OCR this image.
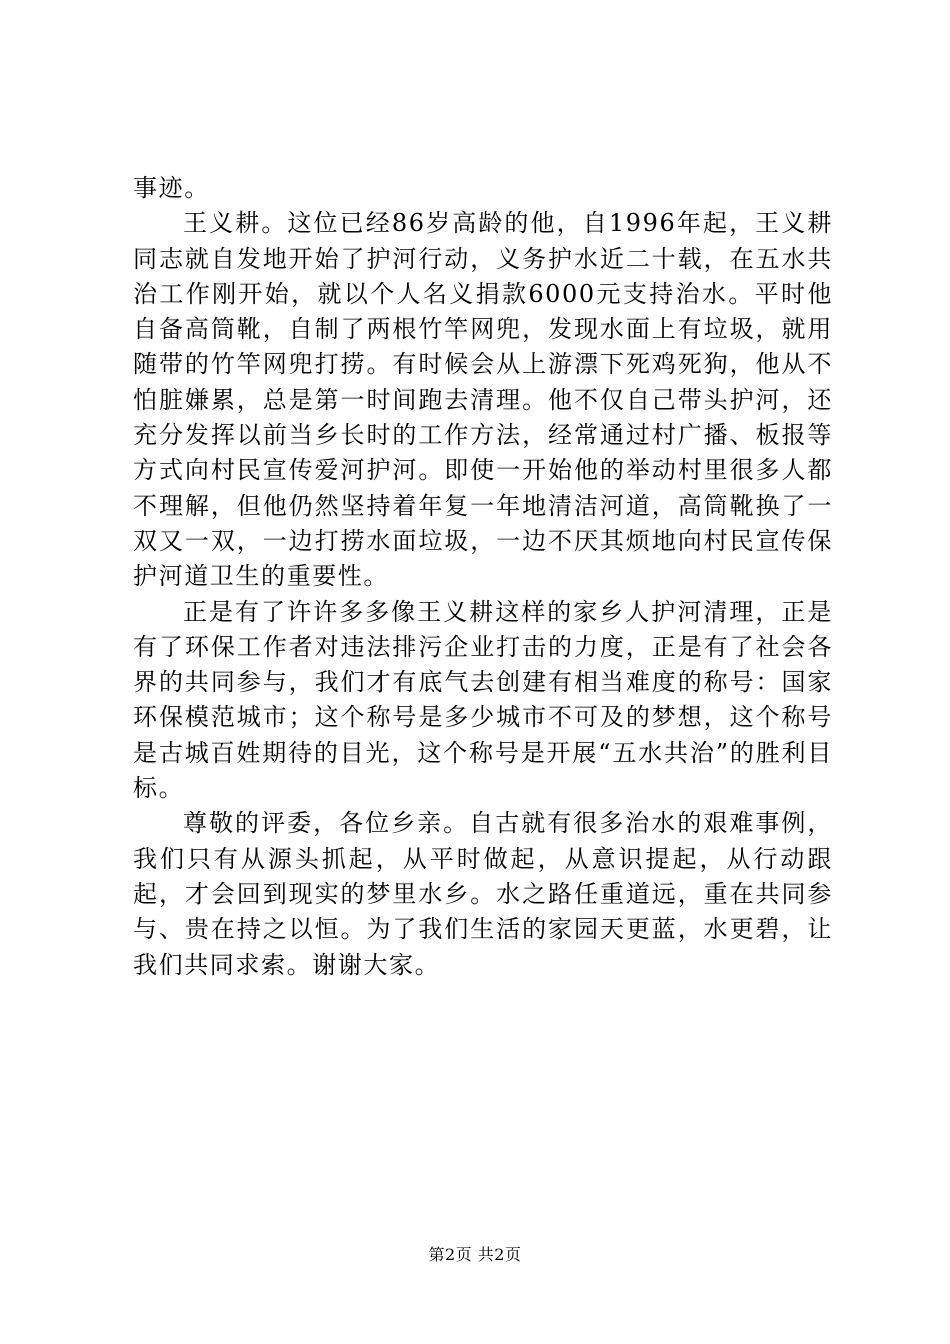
事迹。

王义耕。这位已经86岁高龄的他，自1996年起，王义耕同志就自发地开始了护河行动，义务护水近二十载，在五水共治工作刚开始，就以个人名义捐款6000元支持治水。平时他自备高筒靴，自制了两根竹竿网兜，发现水面上有垃圾，就用随带的竹竿网兜打捞。有时候会从上游漂下死鸡死狗，他从不怕脏嫌累，总是第一时间跑去清理。他不仅自己带头护河，还充分发挥以前当乡长时的工作方法，经常通过村广播、板报等方式向村民宣传爱河护河。即使一开始他的举动村里很多人都不理解，但他仍然坚持着年复一年地清洁河道，高筒靴换了一双又一双，一边打捞水面垃圾，一边不厌其烦地向村民宣传保护河道卫生的重要性。

正是有了许许多多像王义耕这样的家乡人护河清理，正是有了环保工作者对违法排污企业打击的力度，正是有了社会各界的共同参与，我们才有底气去创建有相当难度的称号：国家环保模范城市；这个称号是多少城市不可及的梦想，这个称号是古城百姓期待的目光，这个称号是开展“五水共治”的胜利目标。

尊敬的评委，各位乡亲。自古就有很多治水的艰难事例，我们只有从源头抓起，从平时做起，从意识提起，从行动跟起，才会回到现实的梦里水乡。水之路任重道远，重在共同参与、贵在持之以恒。为了我们生活的家园天更蓝，水更碧，让我们共同求索。谢谢大家。

第2页 共2页
